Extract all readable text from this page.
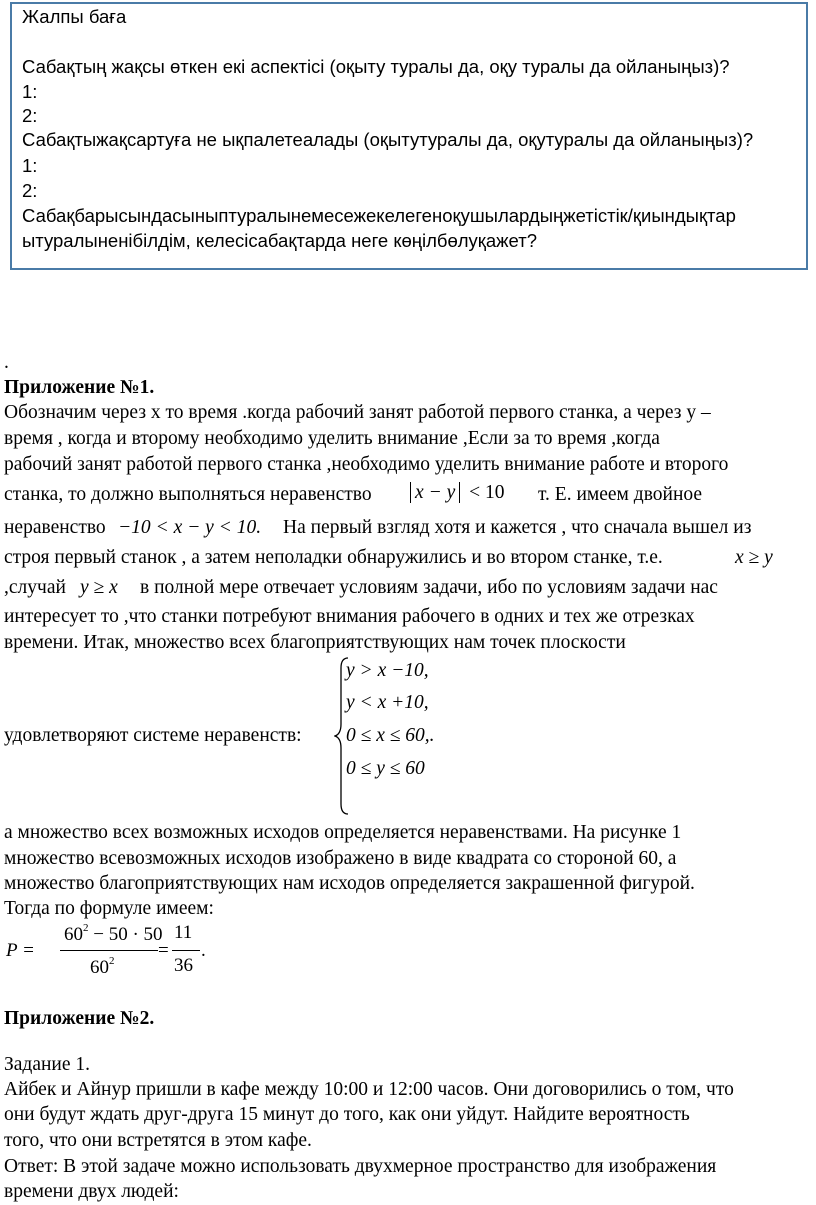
Жалпы баға
Сабақтың жақсы өткен екі аспектісі (оқыту туралы да, оқу туралы да ойланыңыз)?
1:
2:
Сабақтыжақсартуға не ықпалетеалады (оқытутуралы да, оқутуралы да ойланыңыз)?
1:
2:
Сабақбарысындасыныптуралынемесежекелегеноқушылардыңжетістік/қиындықтар
ытуралыненібілдім, келесісабақтарда неге көңілбөлуқажет?
.
Приложение №1.
Обозначим через х то время .когда рабочий занят работой первого станка, а через у –
время , когда и второму необходимо уделить внимание ,Если за то время ,когда
рабочий занят работой первого станка ,необходимо уделить внимание работе и второго
станка, то должно выполняться неравенство x − y < 10 т. Е. имеем двойное
неравенство −10 < x − y < 10. На первый взгляд хотя и кажется , что сначала вышел из
строя первый станок , а затем неполадки обнаружились и во втором станке, т.е.	x ≥ y
,случай y ≥ x в полной мере отвечает условиям задачи, ибо по условиям задачи нас
интересует то ,что станки потребуют внимания рабочего в одних и тех же отрезках
времени. Итак, множество всех благоприятствующих нам точек плоскости
удовлетворяют системе неравенств:
y > x −10,
y < x +10,
0 ≤ x ≤ 60,.
0 ≤ y ≤ 60
а множество всех возможных исходов определяется неравенствами. На рисунке 1
множество всевозможных исходов изображено в виде квадрата со стороной 60, а
множество благоприятствующих нам исходов определяется закрашенной фигурой.
Тогда по формуле имеем:
P =
$60^2 - 50 \cdot 50$
$60^2$ =
11
36
.
Приложение №2.
Задание 1.
Айбек и Айнур пришли в кафе между 10:00 и 12:00 часов. Они договорились о том, что
они будут ждать друг-друга 15 минут до того, как они уйдут. Найдите вероятность
того, что они встретятся в этом кафе.
Ответ: В этой задаче можно использовать двухмерное пространство для изображения
времени двух людей:
